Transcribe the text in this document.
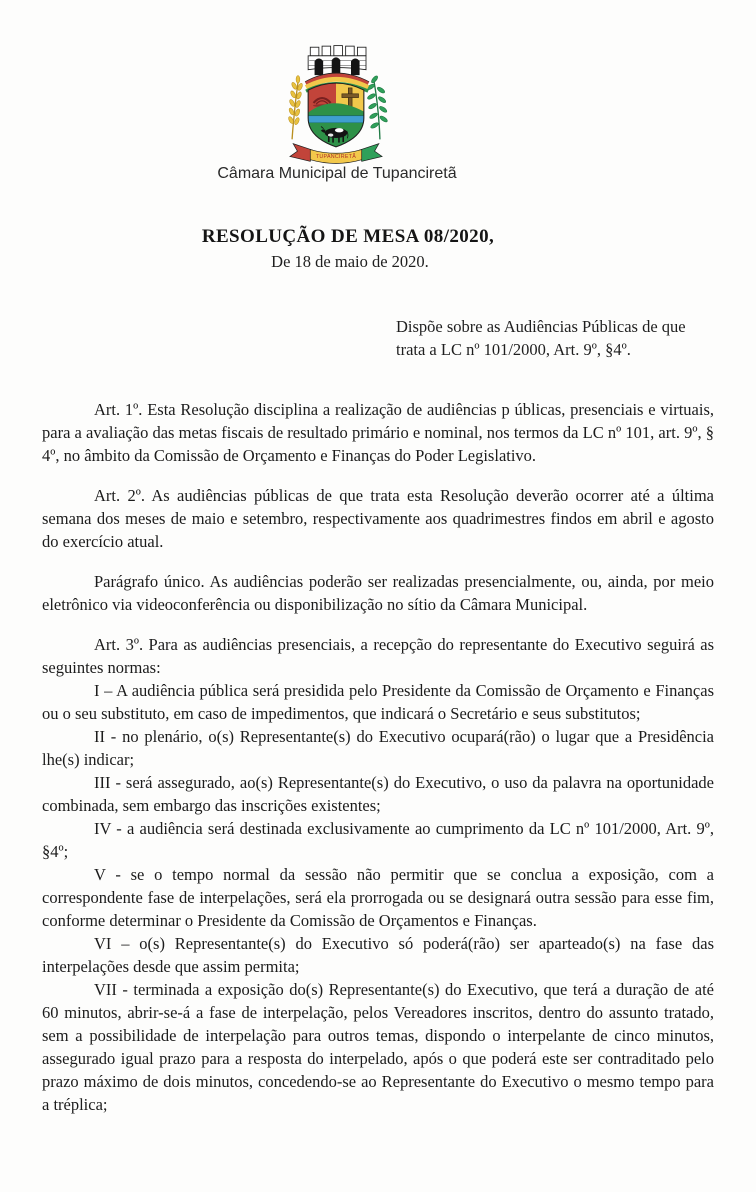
TUPANCIRETÃ
Câmara Municipal de Tupanciretã
RESOLUÇÃO DE MESA 08/2020,
De 18 de maio de 2020.
Dispõe sobre as Audiências Públicas de que trata a LC nº 101/2000, Art. 9º, §4º.

Art. 1º. Esta Resolução disciplina a realização de audiências p úblicas, presenciais e virtuais, para a avaliação das metas fiscais de resultado primário e nominal, nos termos da LC nº 101, art. 9º, § 4º, no âmbito da Comissão de Orçamento e Finanças do Poder Legislativo.

Art. 2º. As audiências públicas de que trata esta Resolução deverão ocorrer até a última semana dos meses de maio e setembro, respectivamente aos quadrimestres findos em abril e agosto do exercício atual.

Parágrafo único. As audiências poderão ser realizadas presencialmente, ou, ainda, por meio eletrônico via videoconferência ou disponibilização no sítio da Câmara Municipal.

Art. 3º. Para as audiências presenciais, a recepção do representante do Executivo seguirá as seguintes normas:

I – A audiência pública será presidida pelo Presidente da Comissão de Orçamento e Finanças ou o seu substituto, em caso de impedimentos, que indicará o Secretário e seus substitutos;

II - no plenário, o(s) Representante(s) do Executivo ocupará(rão) o lugar que a Presidência lhe(s) indicar;

III - será assegurado, ao(s) Representante(s) do Executivo, o uso da palavra na oportunidade combinada, sem embargo das inscrições existentes;

IV - a audiência será destinada exclusivamente ao cumprimento da LC nº 101/2000, Art. 9º, §4º;

V - se o tempo normal da sessão não permitir que se conclua a exposição, com a correspondente fase de interpelações, será ela prorrogada ou se designará outra sessão para esse fim, conforme determinar o Presidente da Comissão de Orçamentos e Finanças.

VI – o(s) Representante(s) do Executivo só poderá(rão) ser aparteado(s) na fase das interpelações desde que assim permita;

VII - terminada a exposição do(s) Representante(s) do Executivo, que terá a duração de até 60 minutos, abrir-se-á a fase de interpelação, pelos Vereadores inscritos, dentro do assunto tratado, sem a possibilidade de interpelação para outros temas, dispondo o interpelante de cinco minutos, assegurado igual prazo para a resposta do interpelado, após o que poderá este ser contraditado pelo prazo máximo de dois minutos, concedendo-se ao Representante do Executivo o mesmo tempo para a tréplica;
